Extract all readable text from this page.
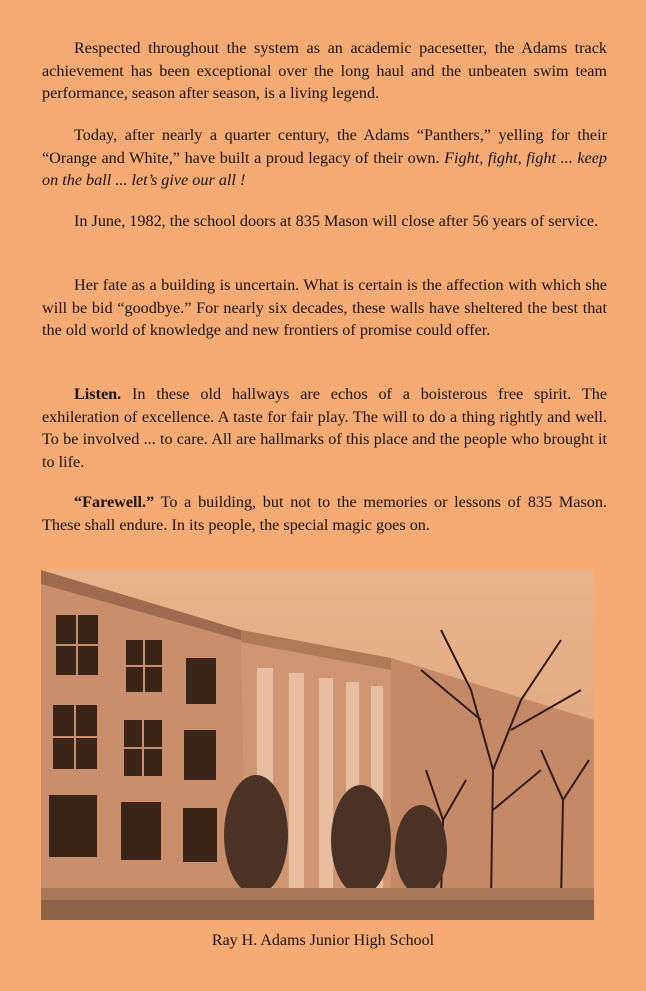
Respected throughout the system as an academic pacesetter, the Adams track achievement has been exceptional over the long haul and the unbeaten swim team performance, season after season, is a living legend.

Today, after nearly a quarter century, the Adams “Panthers,” yelling for their “Orange and White,” have built a proud legacy of their own. Fight, fight, fight ... keep on the ball ... let’s give our all !

In June, 1982, the school doors at 835 Mason will close after 56 years of service.

Her fate as a building is uncertain. What is certain is the affection with which she will be bid “goodbye.” For nearly six decades, these walls have sheltered the best that the old world of knowledge and new frontiers of promise could offer.

Listen. In these old hallways are echos of a boisterous free spirit. The exhileration of excellence. A taste for fair play. The will to do a thing rightly and well. To be involved ... to care. All are hallmarks of this place and the people who brought it to life.

“Farewell.” To a building, but not to the memories or lessons of 835 Mason. These shall endure. In its people, the special magic goes on.

Ray H. Adams Junior High School
